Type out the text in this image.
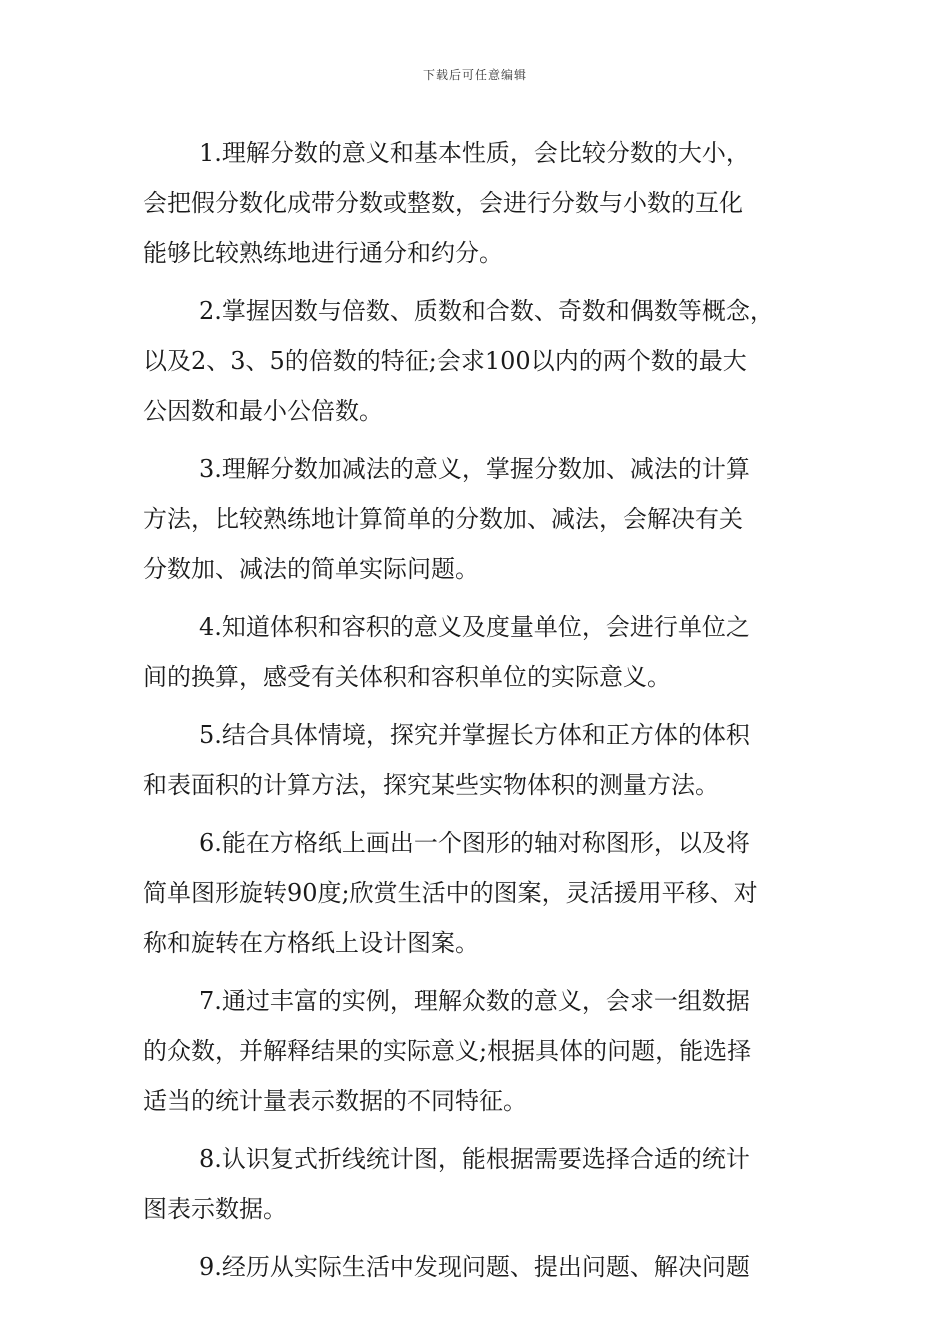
下载后可任意编辑

1.理解分数的意义和基本性质，会比较分数的大小，
会把假分数化成带分数或整数，会进行分数与小数的互化
能够比较熟练地进行通分和约分。

2.掌握因数与倍数、质数和合数、奇数和偶数等概念，
以及2、3、5的倍数的特征;会求100以内的两个数的最大
公因数和最小公倍数。

3.理解分数加减法的意义，掌握分数加、减法的计算
方法，比较熟练地计算简单的分数加、减法，会解决有关
分数加、减法的简单实际问题。

4.知道体积和容积的意义及度量单位，会进行单位之
间的换算，感受有关体积和容积单位的实际意义。

5.结合具体情境，探究并掌握长方体和正方体的体积
和表面积的计算方法，探究某些实物体积的测量方法。

6.能在方格纸上画出一个图形的轴对称图形，以及将
简单图形旋转90度;欣赏生活中的图案，灵活援用平移、对
称和旋转在方格纸上设计图案。

7.通过丰富的实例，理解众数的意义，会求一组数据
的众数，并解释结果的实际意义;根据具体的问题，能选择
适当的统计量表示数据的不同特征。

8.认识复式折线统计图，能根据需要选择合适的统计
图表示数据。

9.经历从实际生活中发现问题、提出问题、解决问题
